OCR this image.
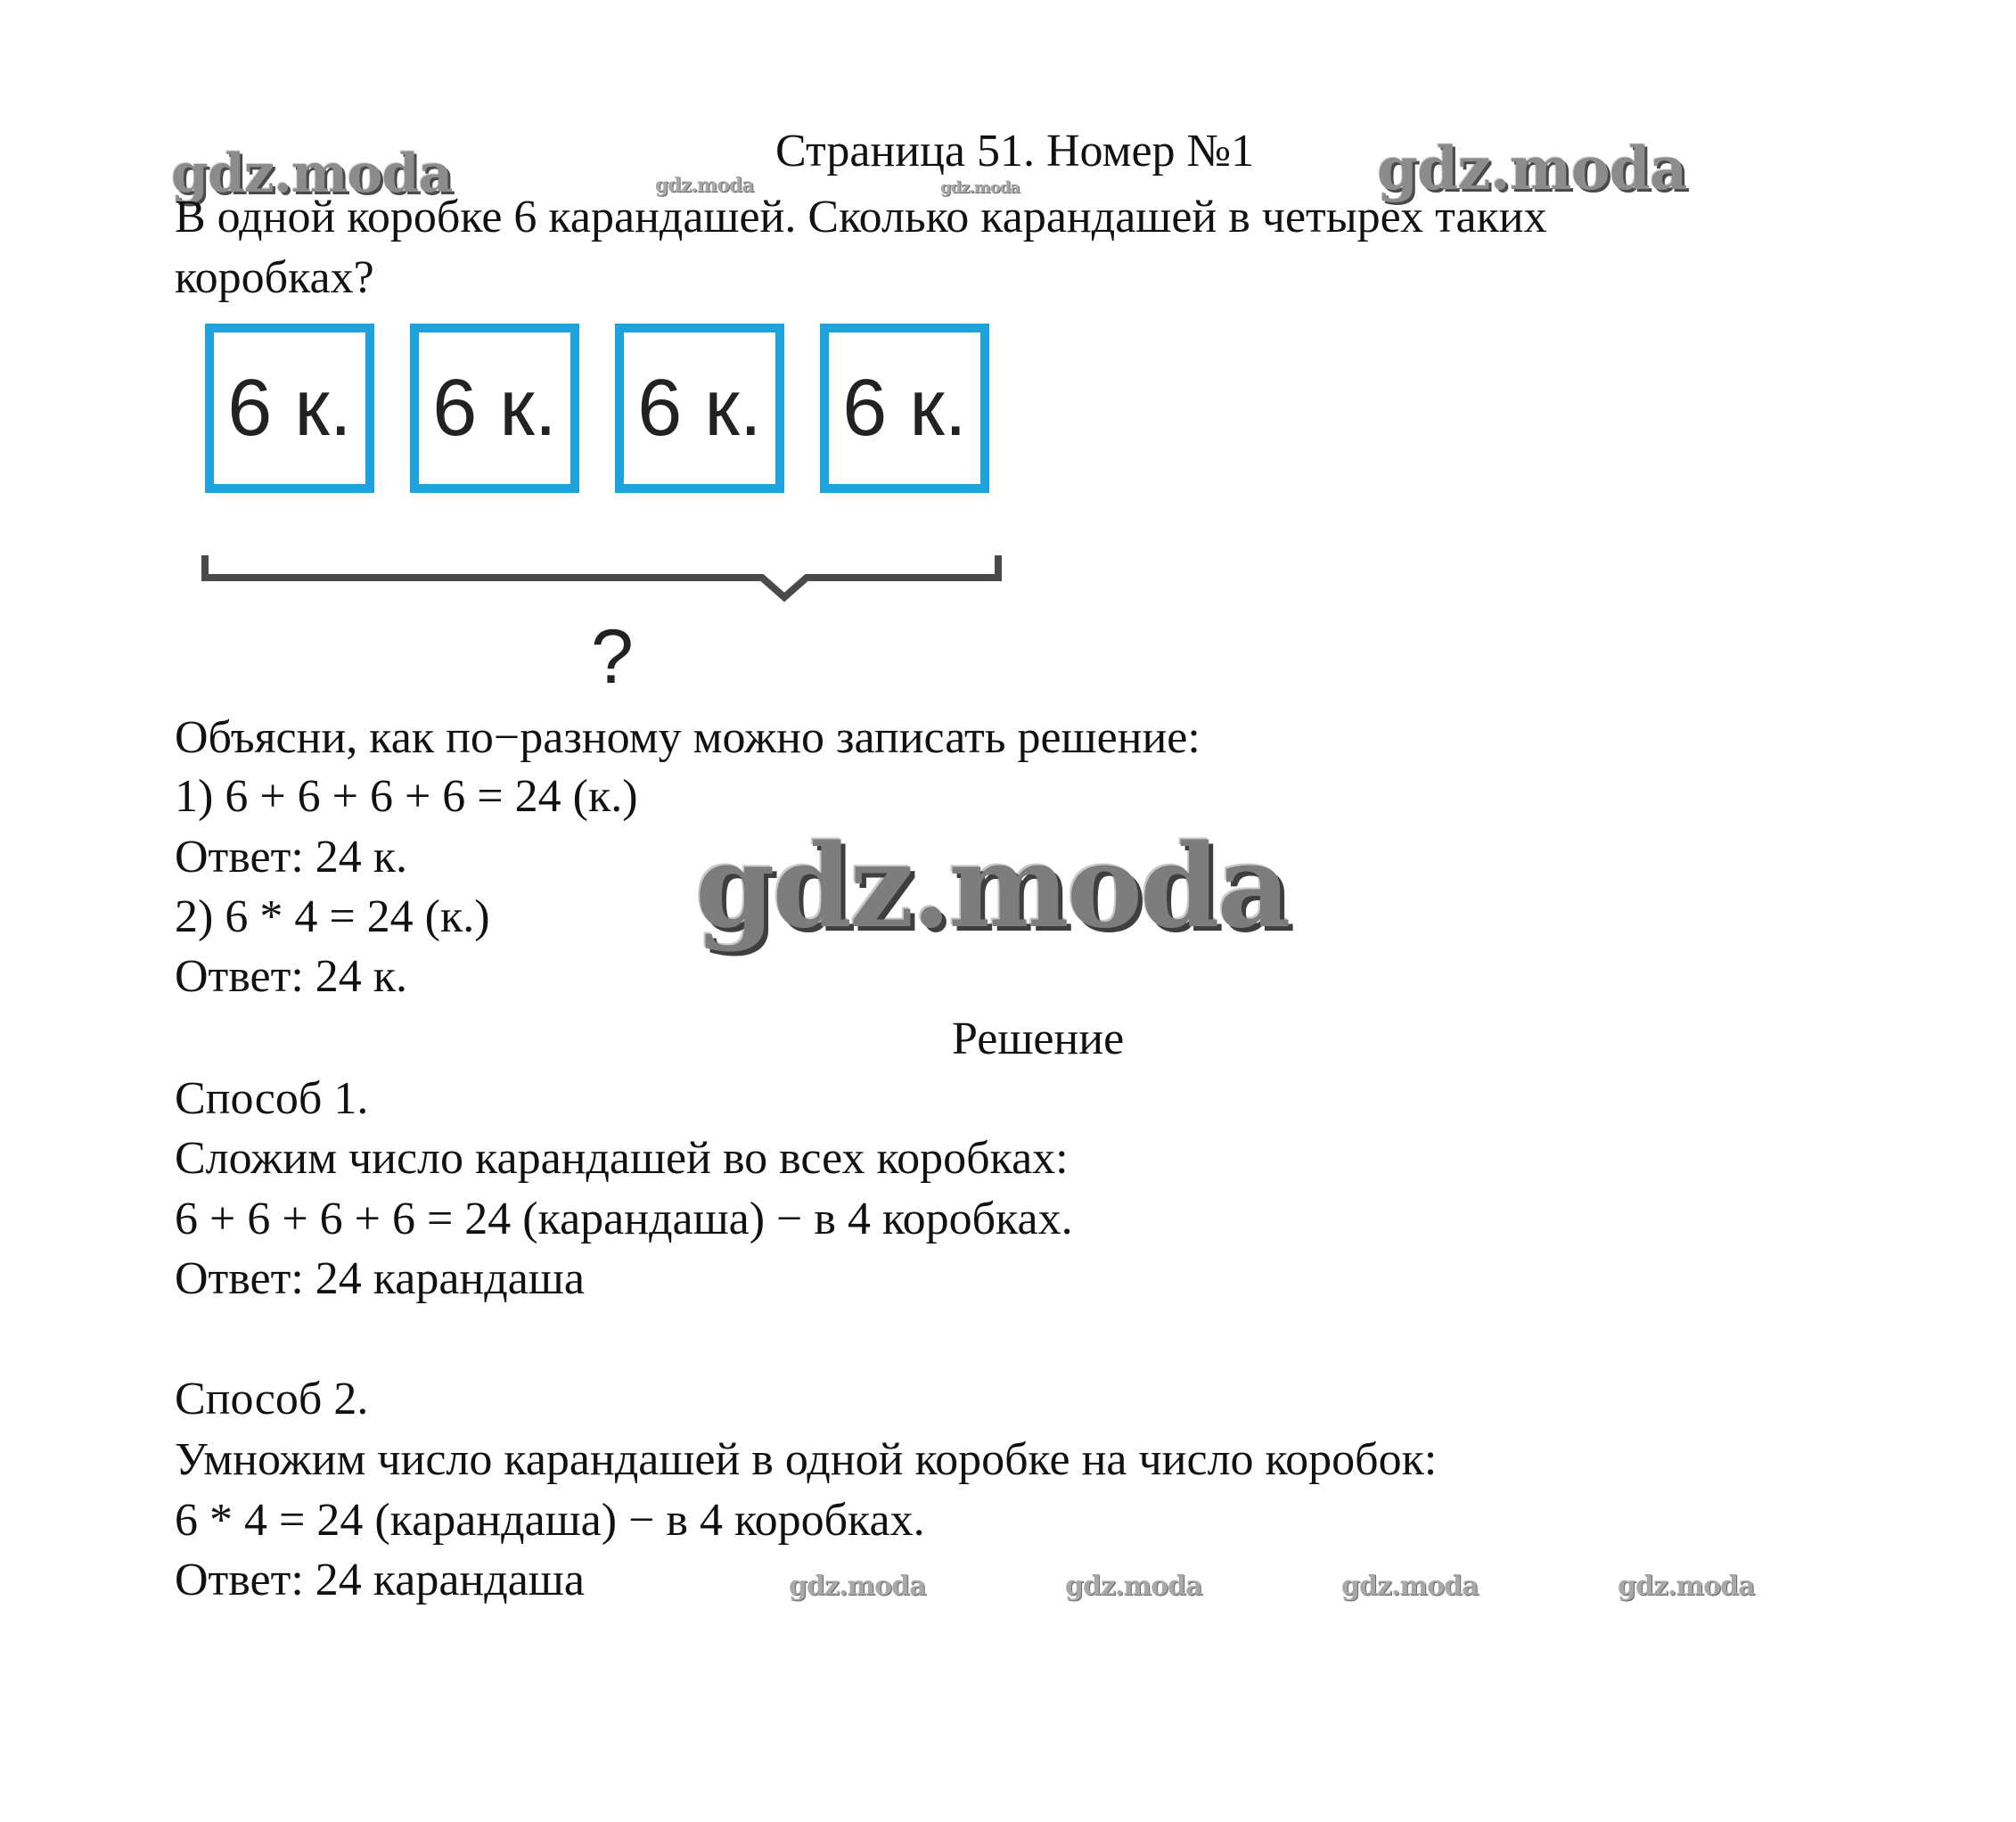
gdz.moda	gdz.moda	gdz.moda	gdz.moda
gdz.moda
gdz.moda	gdz.moda	gdz.moda	gdz.moda
Страница 51. Номер №1
В одной коробке 6 карандашей. Сколько карандашей в четырех таких
коробках?
6 к. 6 к. 6 к. 6 к.
?
Объясни, как по−разному можно записать решение:
1) 6 + 6 + 6 + 6 = 24 (к.)
Ответ: 24 к.
2) 6 * 4 = 24 (к.)
Ответ: 24 к.
Решение
Способ 1.
Сложим число карандашей во всех коробках:
6 + 6 + 6 + 6 = 24 (карандаша) − в 4 коробках.
Ответ: 24 карандаша
Способ 2.
Умножим число карандашей в одной коробке на число коробок:
6 * 4 = 24 (карандаша) − в 4 коробках.
Ответ: 24 карандаша
